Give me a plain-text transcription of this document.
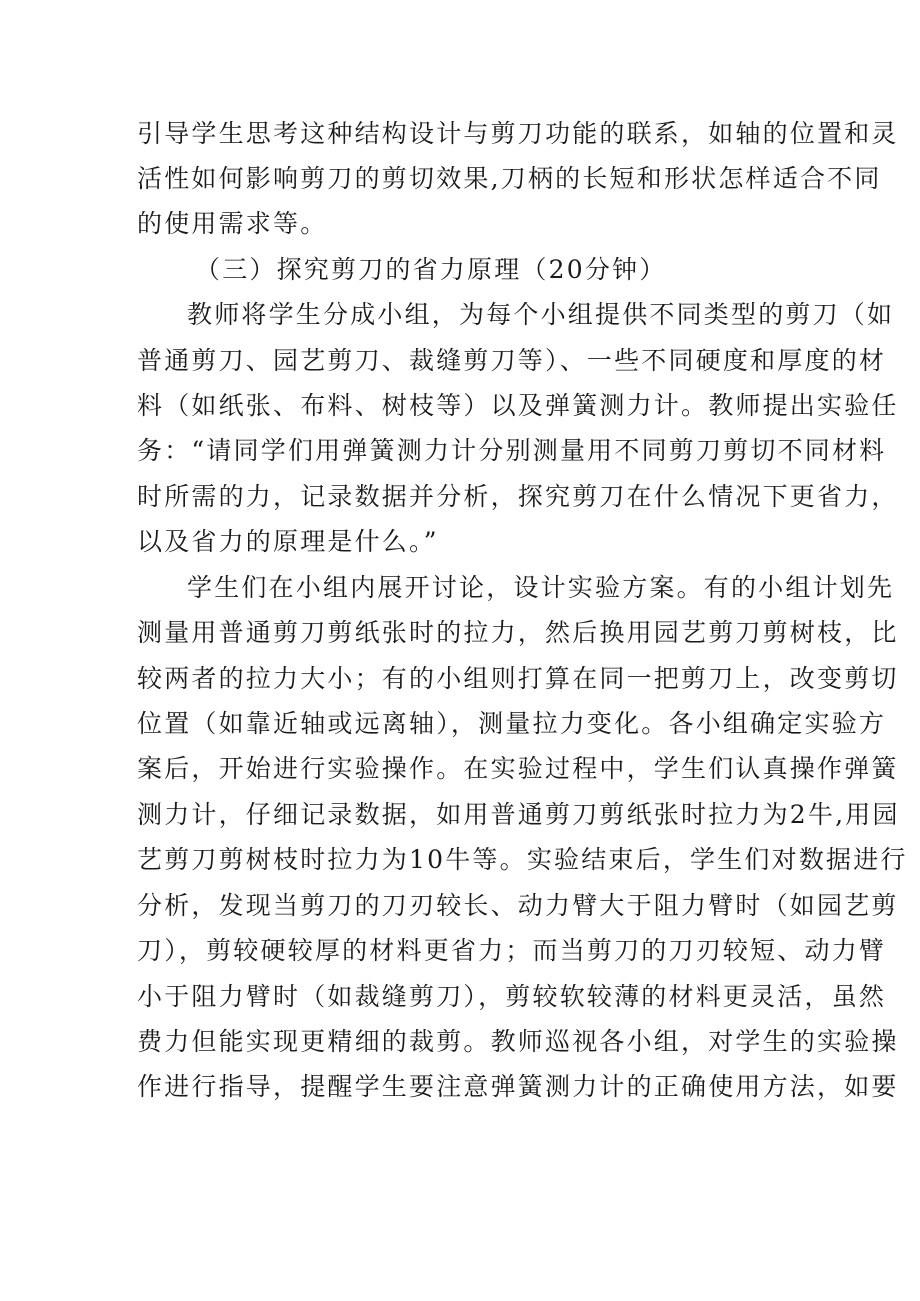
引导学生思考这种结构设计与剪刀功能的联系，如轴的位置和灵
活性如何影响剪刀的剪切效果,刀柄的长短和形状怎样适合不同
的使用需求等。
（三）探究剪刀的省力原理（20分钟）
教师将学生分成小组，为每个小组提供不同类型的剪刀（如
普通剪刀、园艺剪刀、裁缝剪刀等）、一些不同硬度和厚度的材
料（如纸张、布料、树枝等）以及弹簧测力计。教师提出实验任
务：“请同学们用弹簧测力计分别测量用不同剪刀剪切不同材料
时所需的力，记录数据并分析，探究剪刀在什么情况下更省力，
以及省力的原理是什么。”
学生们在小组内展开讨论，设计实验方案。有的小组计划先
测量用普通剪刀剪纸张时的拉力，然后换用园艺剪刀剪树枝，比
较两者的拉力大小；有的小组则打算在同一把剪刀上，改变剪切
位置（如靠近轴或远离轴），测量拉力变化。各小组确定实验方
案后，开始进行实验操作。在实验过程中，学生们认真操作弹簧
测力计，仔细记录数据，如用普通剪刀剪纸张时拉力为2牛,用园
艺剪刀剪树枝时拉力为10牛等。实验结束后，学生们对数据进行
分析，发现当剪刀的刀刃较长、动力臂大于阻力臂时（如园艺剪
刀），剪较硬较厚的材料更省力；而当剪刀的刀刃较短、动力臂
小于阻力臂时（如裁缝剪刀），剪较软较薄的材料更灵活，虽然
费力但能实现更精细的裁剪。教师巡视各小组，对学生的实验操
作进行指导，提醒学生要注意弹簧测力计的正确使用方法，如要
